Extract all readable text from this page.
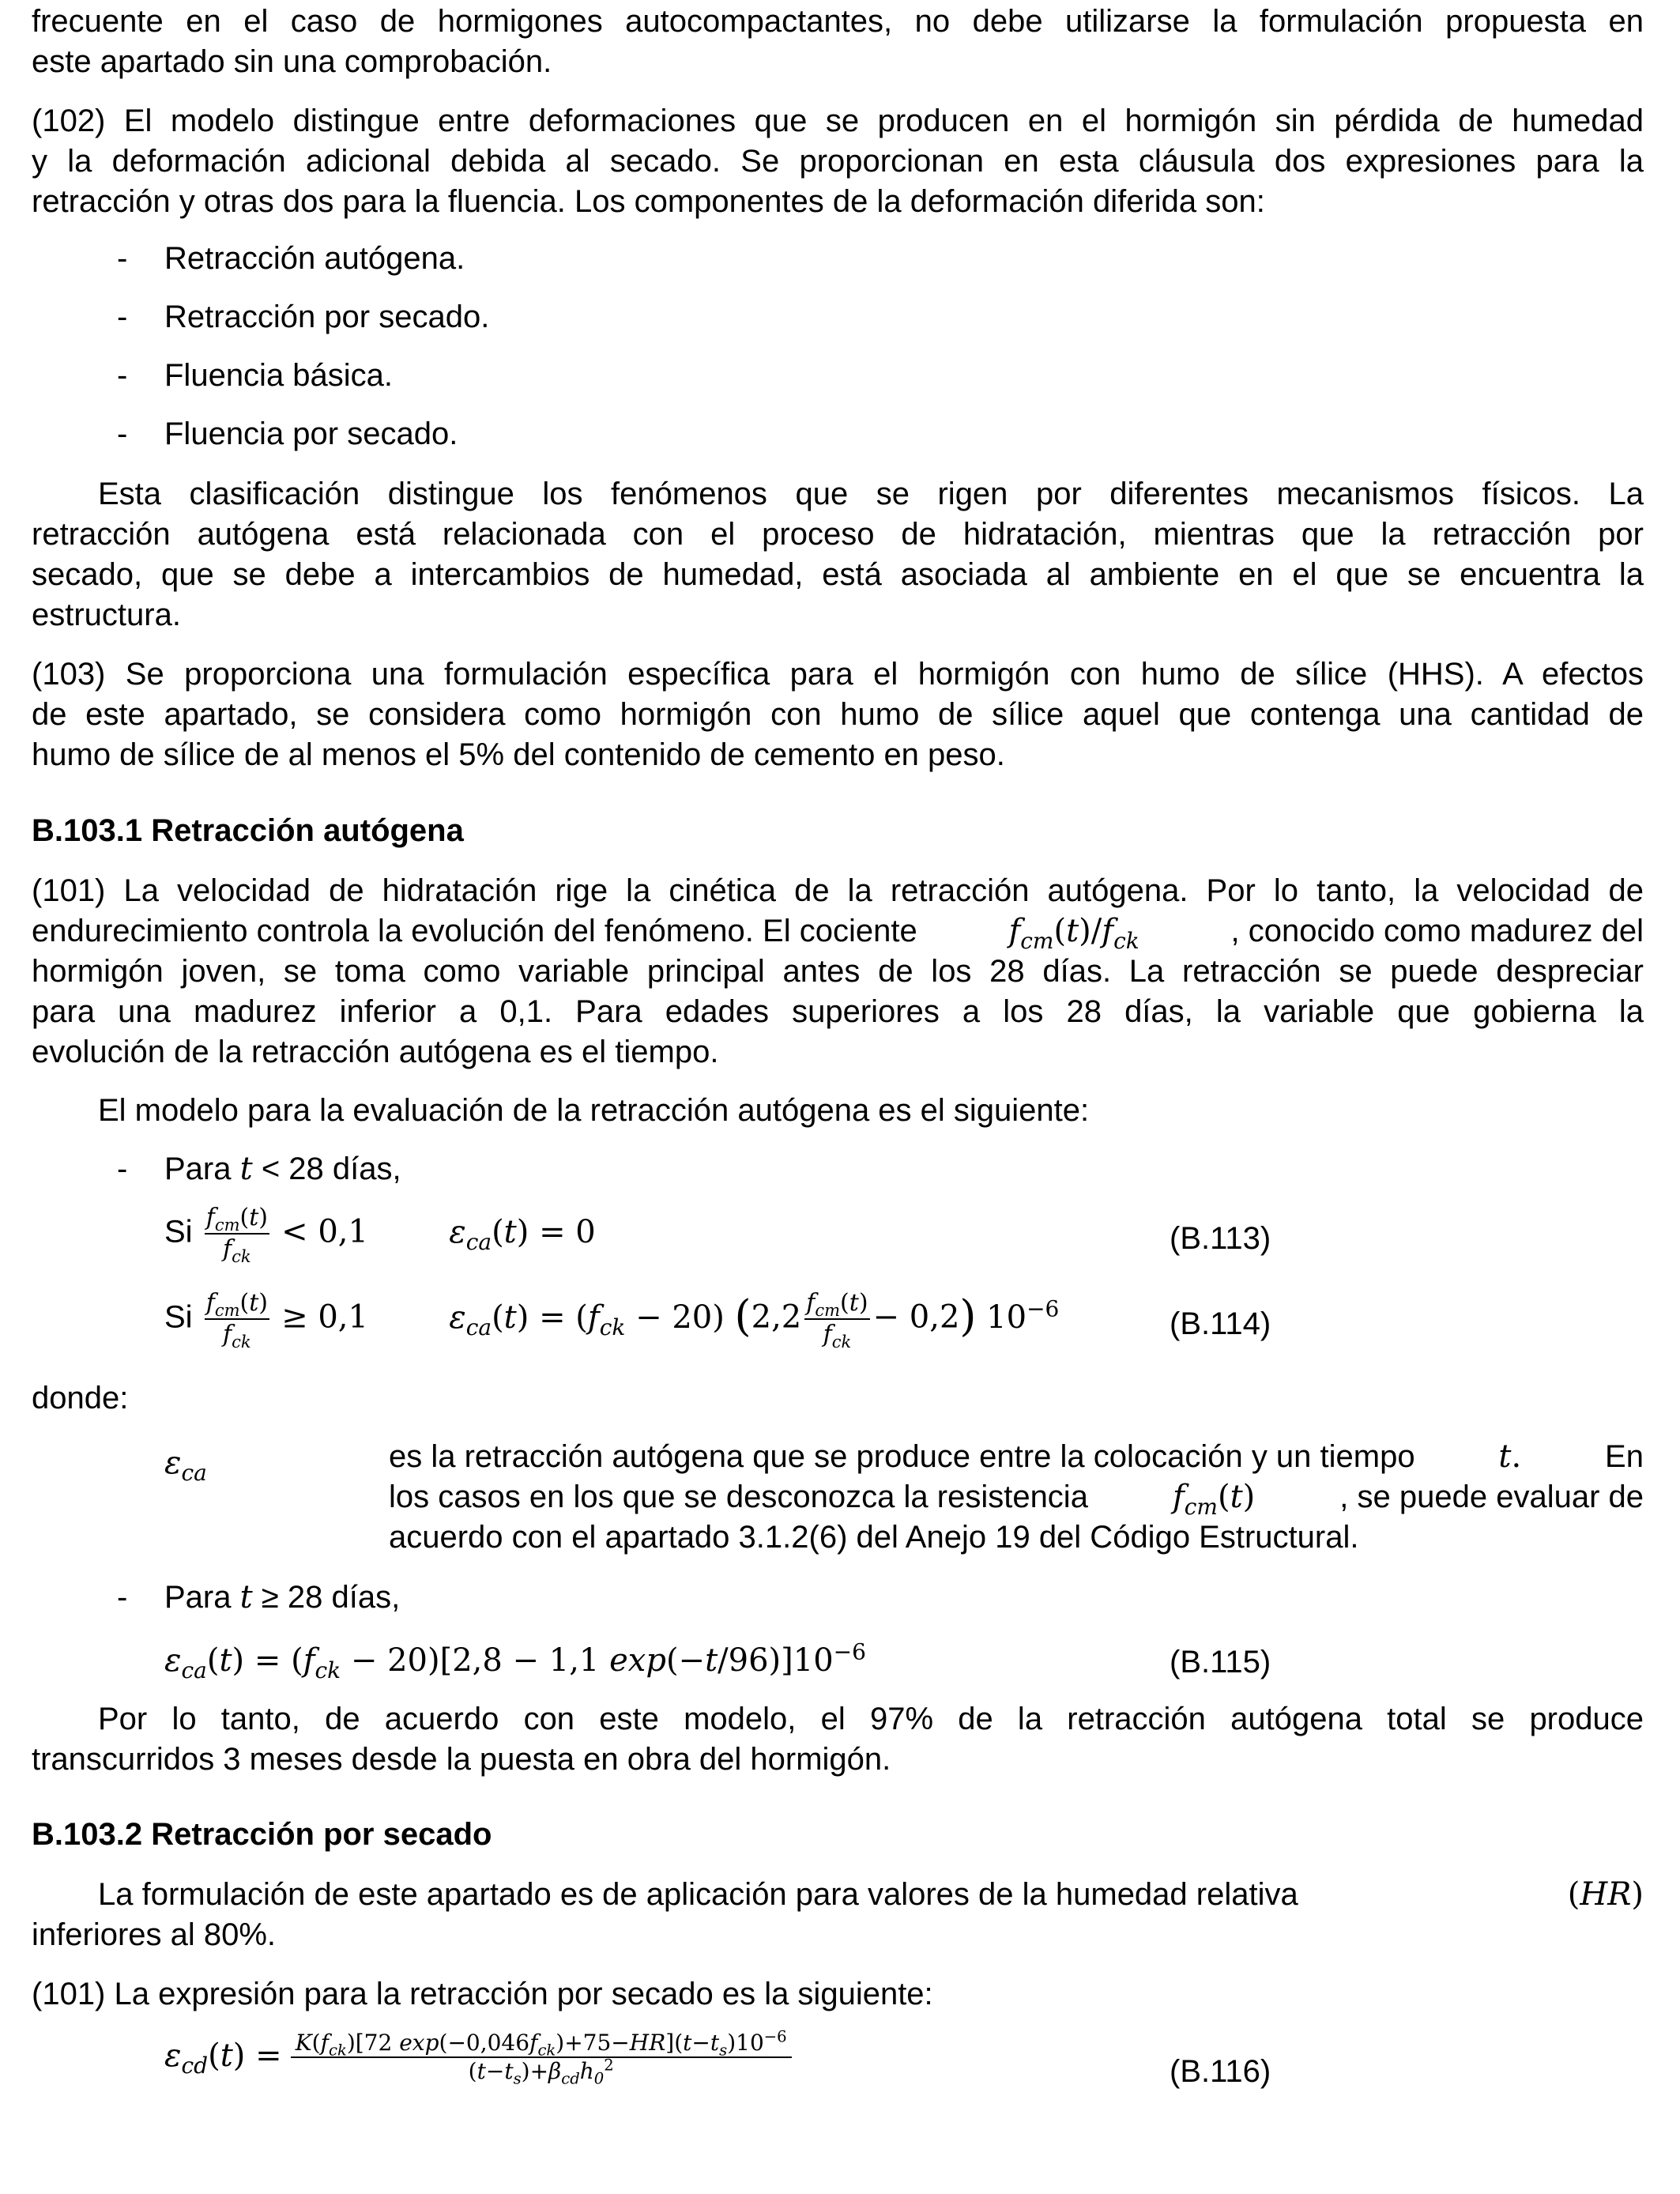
frecuente en el caso de hormigones autocompactantes, no debe utilizarse la formulación propuesta en
este apartado sin una comprobación.
(102) El modelo distingue entre deformaciones que se producen en el hormigón sin pérdida de humedad
y la deformación adicional debida al secado. Se proporcionan en esta cláusula dos expresiones para la
retracción y otras dos para la fluencia. Los componentes de la deformación diferida son:
- Retracción autógena.
- Retracción por secado.
- Fluencia básica.
- Fluencia por secado.
Esta clasificación distingue los fenómenos que se rigen por diferentes mecanismos físicos. La
retracción autógena está relacionada con el proceso de hidratación, mientras que la retracción por
secado, que se debe a intercambios de humedad, está asociada al ambiente en el que se encuentra la
estructura.
(103) Se proporciona una formulación específica para el hormigón con humo de sílice (HHS). A efectos
de este apartado, se considera como hormigón con humo de sílice aquel que contenga una cantidad de
humo de sílice de al menos el 5% del contenido de cemento en peso.
B.103.1 Retracción autógena
(101) La velocidad de hidratación rige la cinética de la retracción autógena. Por lo tanto, la velocidad de
endurecimiento controla la evolución del fenómeno. El cociente	$f_{cm}(t)/f_{ck}$	, conocido como madurez del
hormigón joven, se toma como variable principal antes de los 28 días. La retracción se puede despreciar
para una madurez inferior a 0,1. Para edades superiores a los 28 días, la variable que gobierna la
evolución de la retracción autógena es el tiempo.
El modelo para la evaluación de la retracción autógena es el siguiente:
- Para t < 28 días,
Si $\frac{f_{cm}(t)}{f_{ck}} < 0,1$	$\varepsilon_{ca}(t) = 0$	(B.113)
Si $\frac{f_{cm}(t)}{f_{ck}} \ge 0,1$	$\varepsilon_{ca}(t) = (f_{ck} - 20)$ $(2,2 \frac{f_{cm}(t)}{f_{ck}} - 0,2)$ $10^{-6}$	(B.114)
donde:
$\varepsilon_{ca}$	es la retracción autógena que se produce entre la colocación y un tiempo	t.	En
los casos en los que se desconozca la resistencia	$f_{cm}(t)$	, se puede evaluar de
acuerdo con el apartado 3.1.2(6) del Anejo 19 del Código Estructural.
- Para t ≥ 28 días,
$\varepsilon_{ca}(t) = (f_{ck} - 20)[2,8 - 1,1$ $\exp(-t/96)]10^{-6}$	(B.115)
Por lo tanto, de acuerdo con este modelo, el 97% de la retracción autógena total se produce
transcurridos 3 meses desde la puesta en obra del hormigón.
B.103.2 Retracción por secado
La formulación de este apartado es de aplicación para valores de la humedad relativa	(HR)
inferiores al 80%.
(101) La expresión para la retracción por secado es la siguiente:
$\varepsilon_{cd}(t) = \frac{K(f_{ck})[72 \exp(-0,046f_{ck})+75-HR](t-t_s)10^{-6}}{(t-t_s)+\beta_{cd}h_0^2}$	(B.116)
